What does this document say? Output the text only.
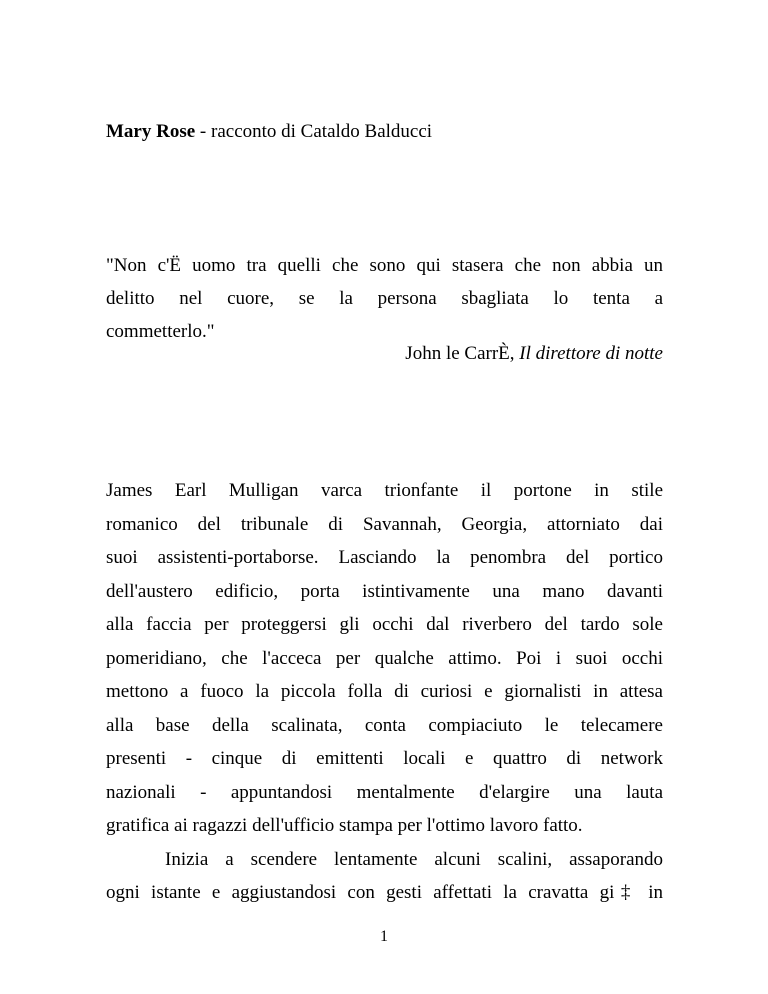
Mary Rose - racconto di Cataldo Balducci
"Non c'Ë uomo tra quelli che sono qui stasera che non abbia un
delitto nel cuore, se la persona sbagliata lo tenta a
commetterlo."
John le CarrÈ, Il direttore di notte
James Earl Mulligan varca trionfante il portone in stile
romanico del tribunale di Savannah, Georgia, attorniato dai
suoi assistenti-portaborse. Lasciando la penombra del portico
dell'austero edificio, porta istintivamente una mano davanti
alla faccia per proteggersi gli occhi dal riverbero del tardo sole
pomeridiano, che l'acceca per qualche attimo. Poi i suoi occhi
mettono a fuoco la piccola folla di curiosi e giornalisti in attesa
alla base della scalinata, conta compiaciuto le telecamere
presenti - cinque di emittenti locali e quattro di network
nazionali - appuntandosi mentalmente d'elargire una lauta
gratifica ai ragazzi dell'ufficio stampa per l'ottimo lavoro fatto.
Inizia a scendere lentamente alcuni scalini, assaporando
ogni istante e aggiustandosi con gesti affettati la cravatta gi‡ in
1
